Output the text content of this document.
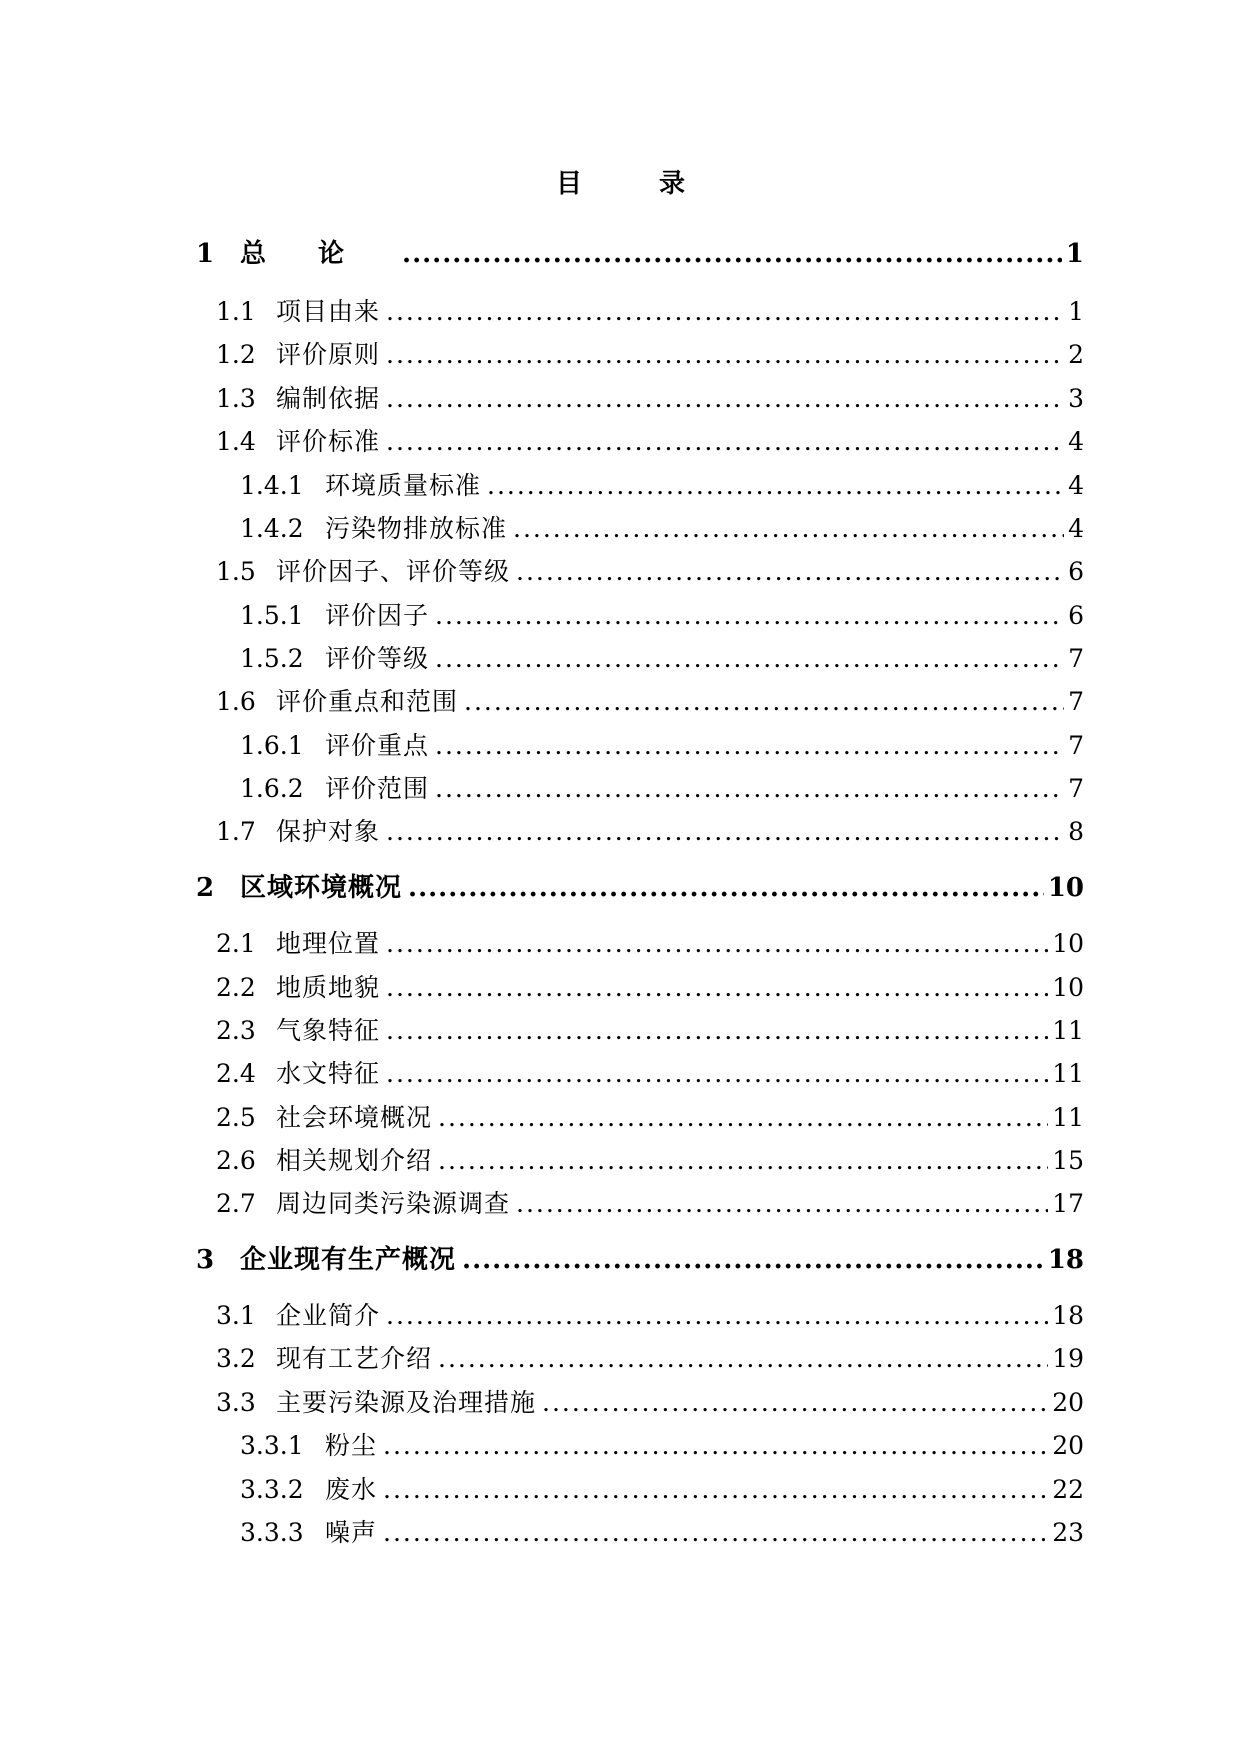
目 录
1 总论 .....	1
1.1 项目由来 .....	1
1.2 评价原则 .....	2
1.3 编制依据 .....	3
1.4 评价标准 .....	4
1.4.1 环境质量标准 .....	4
1.4.2 污染物排放标准 .....	4
1.5 评价因子、评价等级 .....	6
1.5.1 评价因子 .....	6
1.5.2 评价等级 .....	7
1.6 评价重点和范围 .....	7
1.6.1 评价重点 .....	7
1.6.2 评价范围 .....	7
1.7 保护对象 .....	8
2 区域环境概况 .....	10
2.1 地理位置 .....	10
2.2 地质地貌 .....	10
2.3 气象特征 .....	11
2.4 水文特征 .....	11
2.5 社会环境概况 .....	11
2.6 相关规划介绍 .....	15
2.7 周边同类污染源调查 .....	17
3 企业现有生产概况 .....	18
3.1 企业简介 .....	18
3.2 现有工艺介绍 .....	19
3.3 主要污染源及治理措施 .....	20
3.3.1 粉尘 .....	20
3.3.2 废水 .....	22
3.3.3 噪声 .....	23
